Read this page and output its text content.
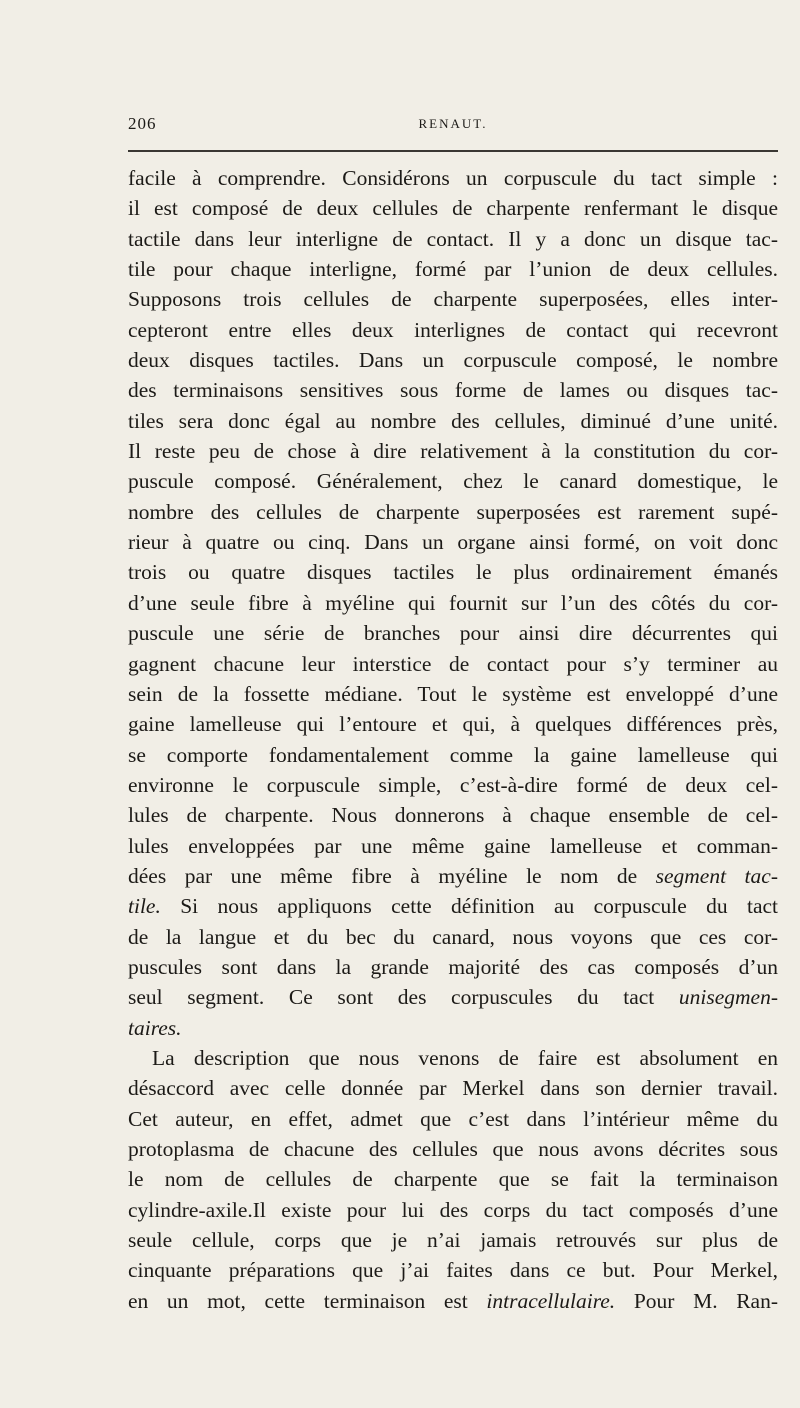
206	RENAUT.
facile à comprendre. Considérons un corpuscule du tact simple :
il est composé de deux cellules de charpente renfermant le disque
tactile dans leur interligne de contact. Il y a donc un disque tac-
tile pour chaque interligne, formé par l’union de deux cellules.
Supposons trois cellules de charpente superposées, elles inter-
cepteront entre elles deux interlignes de contact qui recevront
deux disques tactiles. Dans un corpuscule composé, le nombre
des terminaisons sensitives sous forme de lames ou disques tac-
tiles sera donc égal au nombre des cellules, diminué d’une unité.
Il reste peu de chose à dire relativement à la constitution du cor-
puscule composé. Généralement, chez le canard domestique, le
nombre des cellules de charpente superposées est rarement supé-
rieur à quatre ou cinq. Dans un organe ainsi formé, on voit donc
trois ou quatre disques tactiles le plus ordinairement émanés
d’une seule fibre à myéline qui fournit sur l’un des côtés du cor-
puscule une série de branches pour ainsi dire décurrentes qui
gagnent chacune leur interstice de contact pour s’y terminer au
sein de la fossette médiane. Tout le système est enveloppé d’une
gaine lamelleuse qui l’entoure et qui, à quelques différences près,
se comporte fondamentalement comme la gaine lamelleuse qui
environne le corpuscule simple, c’est-à-dire formé de deux cel-
lules de charpente. Nous donnerons à chaque ensemble de cel-
lules enveloppées par une même gaine lamelleuse et comman-
dées par une même fibre à myéline le nom de segment tac-
tile. Si nous appliquons cette définition au corpuscule du tact
de la langue et du bec du canard, nous voyons que ces cor-
puscules sont dans la grande majorité des cas composés d’un
seul segment. Ce sont des corpuscules du tact unisegmen-
taires.
La description que nous venons de faire est absolument en
désaccord avec celle donnée par Merkel dans son dernier travail.
Cet auteur, en effet, admet que c’est dans l’intérieur même du
protoplasma de chacune des cellules que nous avons décrites sous
le nom de cellules de charpente que se fait la terminaison
cylindre-axile.Il existe pour lui des corps du tact composés d’une
seule cellule, corps que je n’ai jamais retrouvés sur plus de
cinquante préparations que j’ai faites dans ce but. Pour Merkel,
en un mot, cette terminaison est intracellulaire. Pour M. Ran-
